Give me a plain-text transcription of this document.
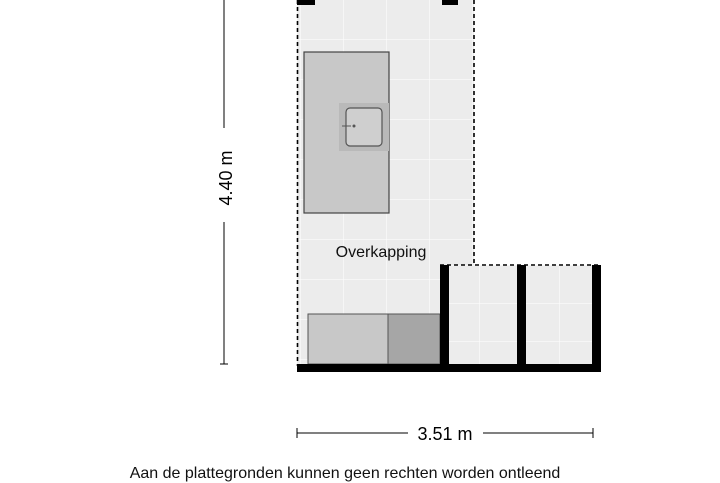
Overkapping
4.40 m
3.51 m
Aan de plattegronden kunnen geen rechten worden ontleend
